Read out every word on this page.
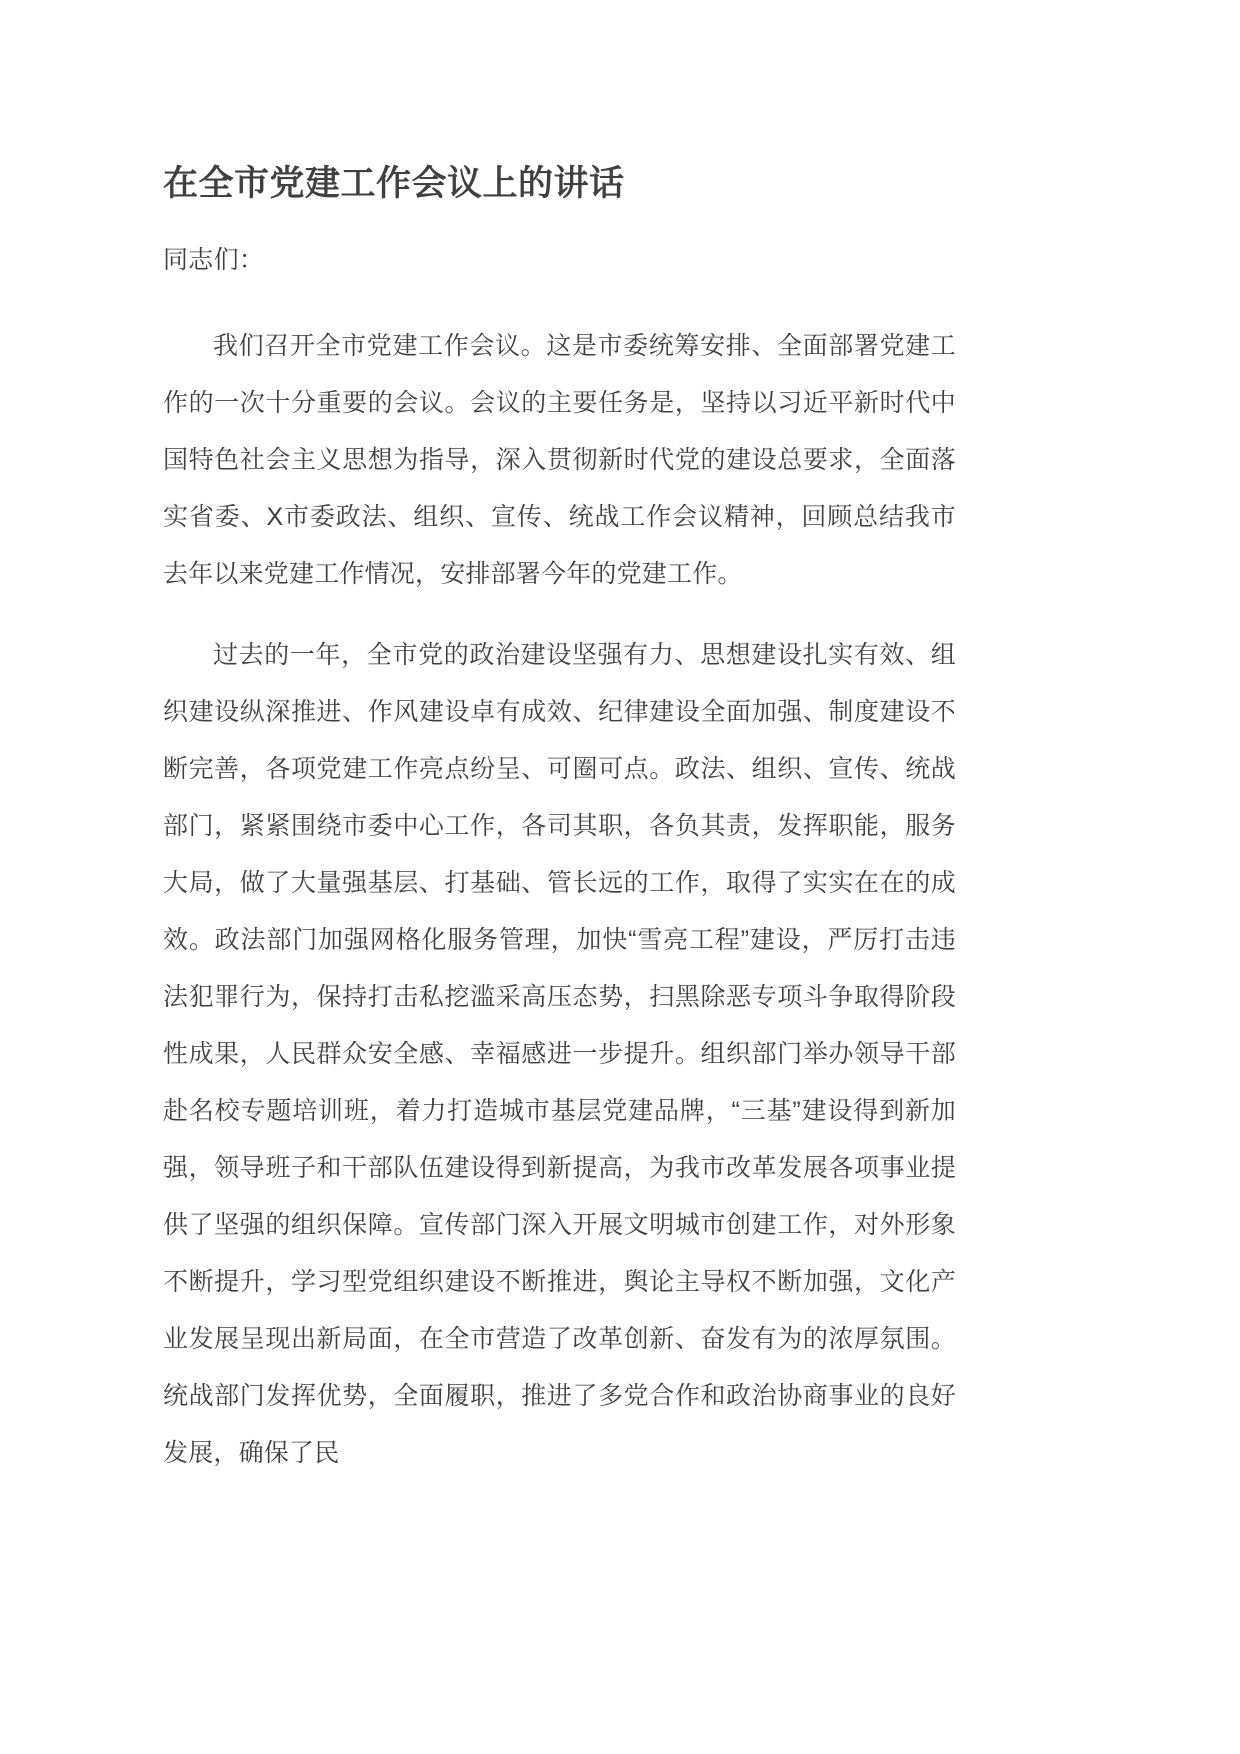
在全市党建工作会议上的讲话

同志们：

我们召开全市党建工作会议。这是市委统筹安排、全面部署党建工作的一次十分重要的会议。会议的主要任务是，坚持以习近平新时代中国特色社会主义思想为指导，深入贯彻新时代党的建设总要求，全面落实省委、X市委政法、组织、宣传、统战工作会议精神，回顾总结我市去年以来党建工作情况，安排部署今年的党建工作。

过去的一年，全市党的政治建设坚强有力、思想建设扎实有效、组织建设纵深推进、作风建设卓有成效、纪律建设全面加强、制度建设不断完善，各项党建工作亮点纷呈、可圈可点。政法、组织、宣传、统战部门，紧紧围绕市委中心工作，各司其职，各负其责，发挥职能，服务大局，做了大量强基层、打基础、管长远的工作，取得了实实在在的成效。政法部门加强网格化服务管理，加快“雪亮工程”建设，严厉打击违法犯罪行为，保持打击私挖滥采高压态势，扫黑除恶专项斗争取得阶段性成果，人民群众安全感、幸福感进一步提升。组织部门举办领导干部赴名校专题培训班，着力打造城市基层党建品牌，“三基”建设得到新加强，领导班子和干部队伍建设得到新提高，为我市改革发展各项事业提供了坚强的组织保障。宣传部门深入开展文明城市创建工作，对外形象不断提升，学习型党组织建设不断推进，舆论主导权不断加强，文化产业发展呈现出新局面，在全市营造了改革创新、奋发有为的浓厚氛围。统战部门发挥优势，全面履职，推进了多党合作和政治协商事业的良好发展，确保了民
